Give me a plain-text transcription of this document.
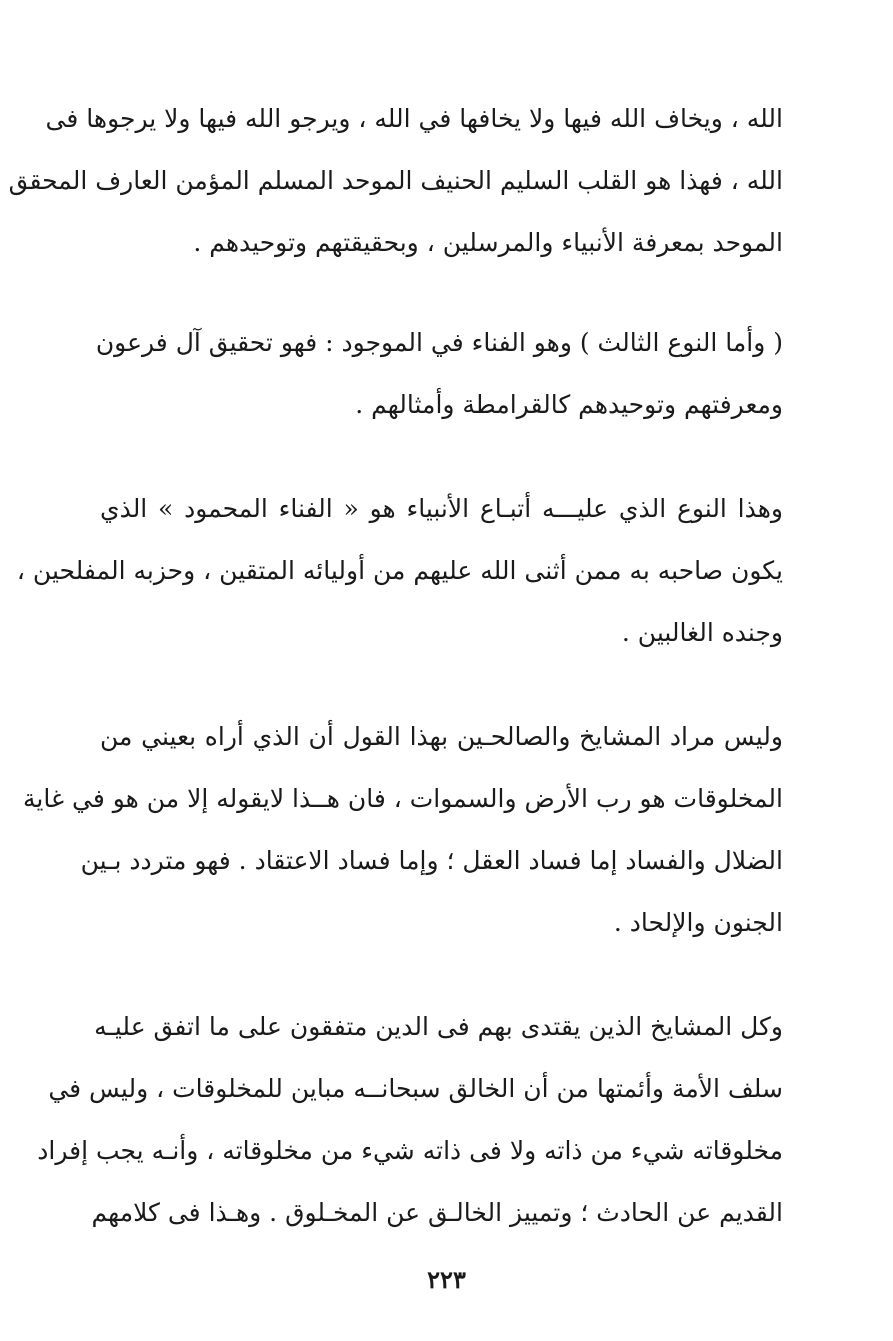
الله ، ويخاف الله فيها ولا يخافها في الله ، ويرجو الله فيها ولا يرجوها فى
الله ، فهذا هو القلب السليم الحنيف الموحد المسلم المؤمن العارف المحقق
الموحد بمعرفة الأنبياء والمرسلين ، وبحقيقتهم وتوحيدهم .
( وأما النوع الثالث ) وهو الفناء في الموجود : فهو تحقيق آل فرعون
ومعرفتهم وتوحيدهم كالقرامطة وأمثالهم .
وهذا النوع الذي عليـــه أتبـاع الأنبياء هو « الفناء المحمود » الذي
يكون صاحبه به ممن أثنى الله عليهم من أوليائه المتقين ، وحزبه المفلحين ،
وجنده الغالبين .
وليس مراد المشايخ والصالحـين بهذا القول أن الذي أراه بعيني من
المخلوقات هو رب الأرض والسموات ، فان هــذا لايقوله إلا من هو في غاية
الضلال والفساد إما فساد العقل ؛ وإما فساد الاعتقاد . فهو متردد بـين
الجنون والإلحاد .
وكل المشايخ الذين يقتدى بهم فى الدين متفقون على ما اتفق عليـه
سلف الأمة وأئمتها من أن الخالق سبحانــه مباين للمخلوقات ، وليس في
مخلوقاته شيء من ذاته ولا فى ذاته شيء من مخلوقاته ، وأنـه يجب إفراد
القديم عن الحادث ؛ وتمييز الخالـق عن المخـلوق . وهـذا فى كلامهم
٢٢٣
